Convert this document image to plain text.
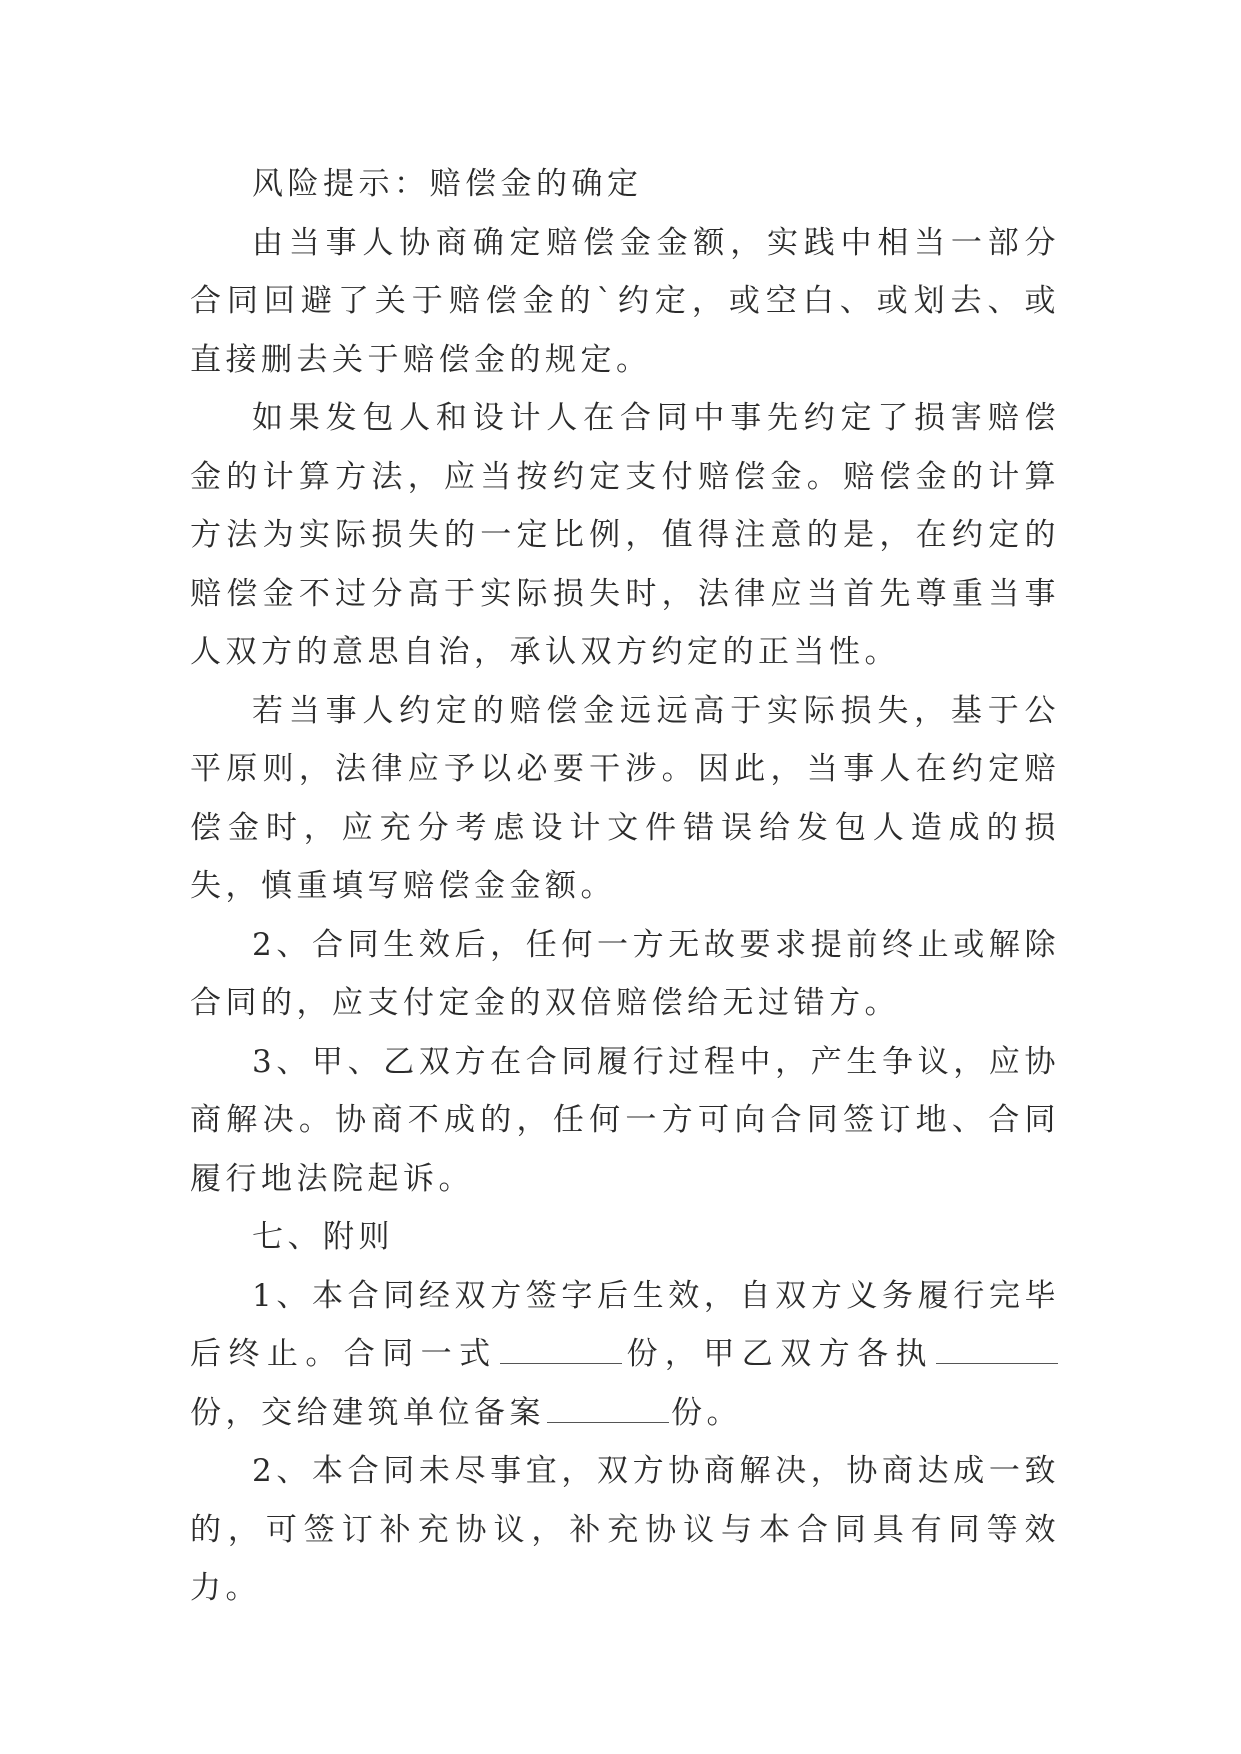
风险提示：赔偿金的确定

由当事人协商确定赔偿金金额，实践中相当一部分合同回避了关于赔偿金的`约定，或空白、或划去、或直接删去关于赔偿金的规定。

如果发包人和设计人在合同中事先约定了损害赔偿金的计算方法，应当按约定支付赔偿金。赔偿金的计算方法为实际损失的一定比例，值得注意的是，在约定的赔偿金不过分高于实际损失时，法律应当首先尊重当事人双方的意思自治，承认双方约定的正当性。

若当事人约定的赔偿金远远高于实际损失，基于公平原则，法律应予以必要干涉。因此，当事人在约定赔偿金时，应充分考虑设计文件错误给发包人造成的损失，慎重填写赔偿金金额。

2、合同生效后，任何一方无故要求提前终止或解除合同的，应支付定金的双倍赔偿给无过错方。

3、甲、乙双方在合同履行过程中，产生争议，应协商解决。协商不成的，任何一方可向合同签订地、合同履行地法院起诉。

七、附则

1、本合同经双方签字后生效，自双方义务履行完毕后终止。合同一式	份，甲乙双方各执份，交给建筑单位备案	份。

2、本合同未尽事宜，双方协商解决，协商达成一致的，可签订补充协议，补充协议与本合同具有同等效力。
